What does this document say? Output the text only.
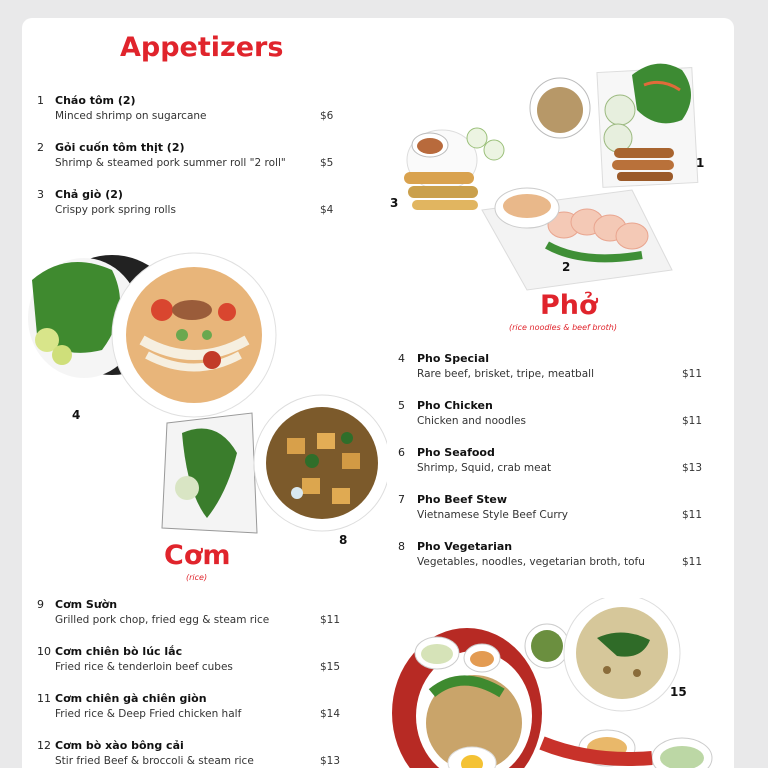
Appetizers
1 Cháo tôm (2)
Minced shrimp on sugarcane	$6
2 Gỏi cuốn tôm thịt (2)
Shrimp & steamed pork summer roll "2 roll"	$5
3 Chả giò (2)
Crispy pork spring rolls	$4
1
2
3
4
8
Phở
(rice noodles & beef broth)
4 Pho Special
Rare beef, brisket, tripe, meatball	$11
5 Pho Chicken
Chicken and noodles	$11
6 Pho Seafood
Shrimp, Squid, crab meat	$13
7 Pho Beef Stew
Vietnamese Style Beef Curry	$11
8 Pho Vegetarian
Vegetables, noodles, vegetarian broth, tofu	$11
Cơm
(rice)
9 Cơm Sườn
Grilled pork chop, fried egg & steam rice	$11
10 Cơm chiên bò lúc lắc
Fried rice & tenderloin beef cubes	$15
11 Cơm chiên gà chiên giòn
Fried rice & Deep Fried chicken half	$14
12 Cơm bò xào bông cải
Stir fried Beef & broccoli & steam rice	$13
15
